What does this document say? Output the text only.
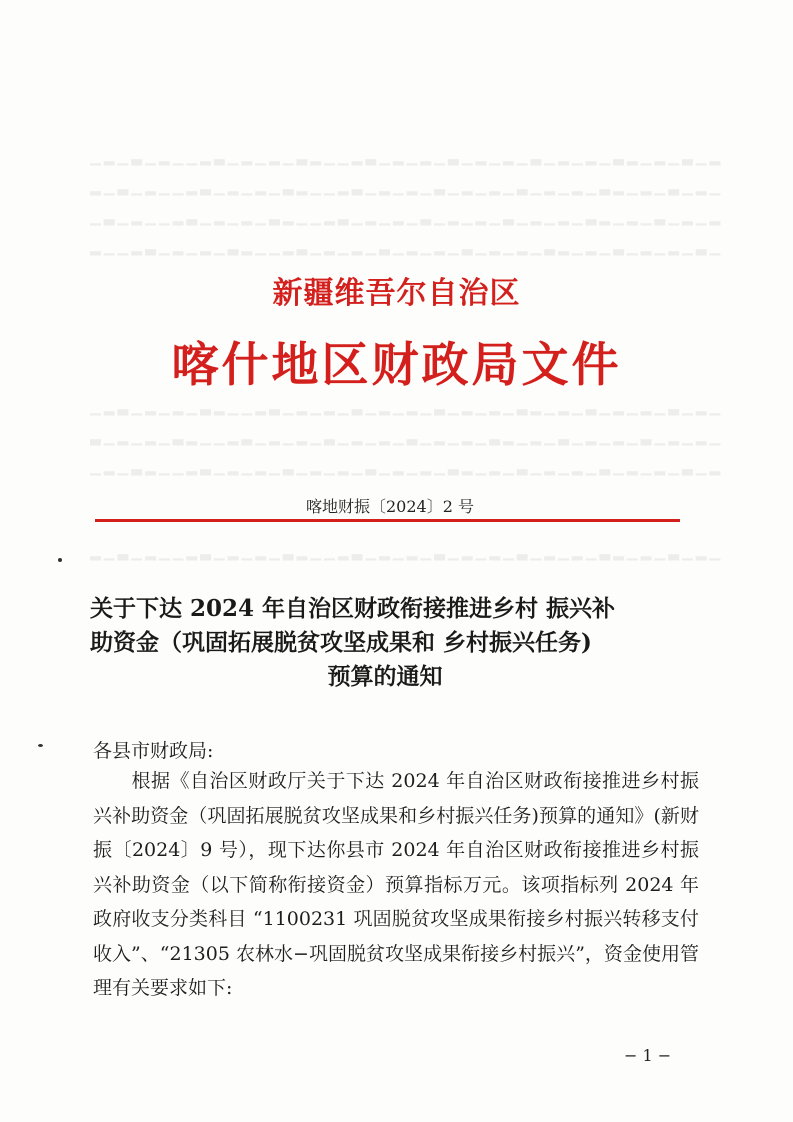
▁▂▁▃▁▂▁▁▂▃▁▂▁▂▁▃▂▁▁▂▃▁▂▁▂▁▃▁▂▁▂▁▃▁▂▁▂▁▃▂▁▂▁▃▁▂
▂▁▃▁▂▁▁▂▃▁▂▁▂▁▃▂▁▁▂▃▁▂▁▂▁▃▁▂▁▂▁▃▁▂▁▂▁▃▂▁▂▁▃▁▂▁
▁▃▁▂▁▁▂▃▁▂▁▂▁▃▂▁▁▂▃▁▂▁▂▁▃▁▂▁▂▁▃▁▂▁▂▁▃▂▁▂▁▃▁▂▁▂
▂▁▁▂▃▁▂▁▂▁▃▂▁▁▂▃▁▂▁▂▁▃▁▂▁▂▁▃▁▂▁▂▁▃▂▁▂▁▃▁▂▁▂▁▃▁
▁▂▃▁▂▁▂▁▃▂▁▁▂▃▁▂▁▂▁▃▁▂▁▂▁▃▁▂▁▂▁▃▂▁▂▁▃▁▂▁▂▁▃▁▂▁
▃▁▂▁▂▁▃▂▁▁▂▃▁▂▁▂▁▃▁▂▁▂▁▃▁▂▁▂▁▃▂▁▂▁▃▁▂▁▂▁▃▁▂▁▂▁
▁▂▁▃▂▁▁▂▃▁▂▁▂▁▃▁▂▁▂▁▃▁▂▁▂▁▃▂▁▂▁▃▁▂▁▂▁▃▁▂▁▂▁▃▁▂
▂▁▃▁▂▁▁▂▃▁▂▁▂▁▃▂▁▁▂▃▁▂▁▂▁▃▁▂▁▂▁▃▁▂▁▂▁▃▂▁▂▁▃▁▂▁
新疆维吾尔自治区
喀什地区财政局文件
喀地财振〔2024〕2 号
关于下达 2024 年自治区财政衔接推进乡村 振兴补
助资金（巩固拓展脱贫攻坚成果和 乡村振兴任务)
预算的通知
各县市财政局:
根据《自治区财政厅关于下达 2024 年自治区财政衔接推进乡村振兴补助资金（巩固拓展脱贫攻坚成果和乡村振兴任务)预算的通知》(新财振〔2024〕9 号），现下达你县市 2024 年自治区财政衔接推进乡村振兴补助资金（以下简称衔接资金）预算指标万元。该项指标列 2024 年政府收支分类科目 “1100231 巩固脱贫攻坚成果衔接乡村振兴转移支付收入”、“21305 农林水−巩固脱贫攻坚成果衔接乡村振兴”，资金使用管理有关要求如下:
− 1 −
